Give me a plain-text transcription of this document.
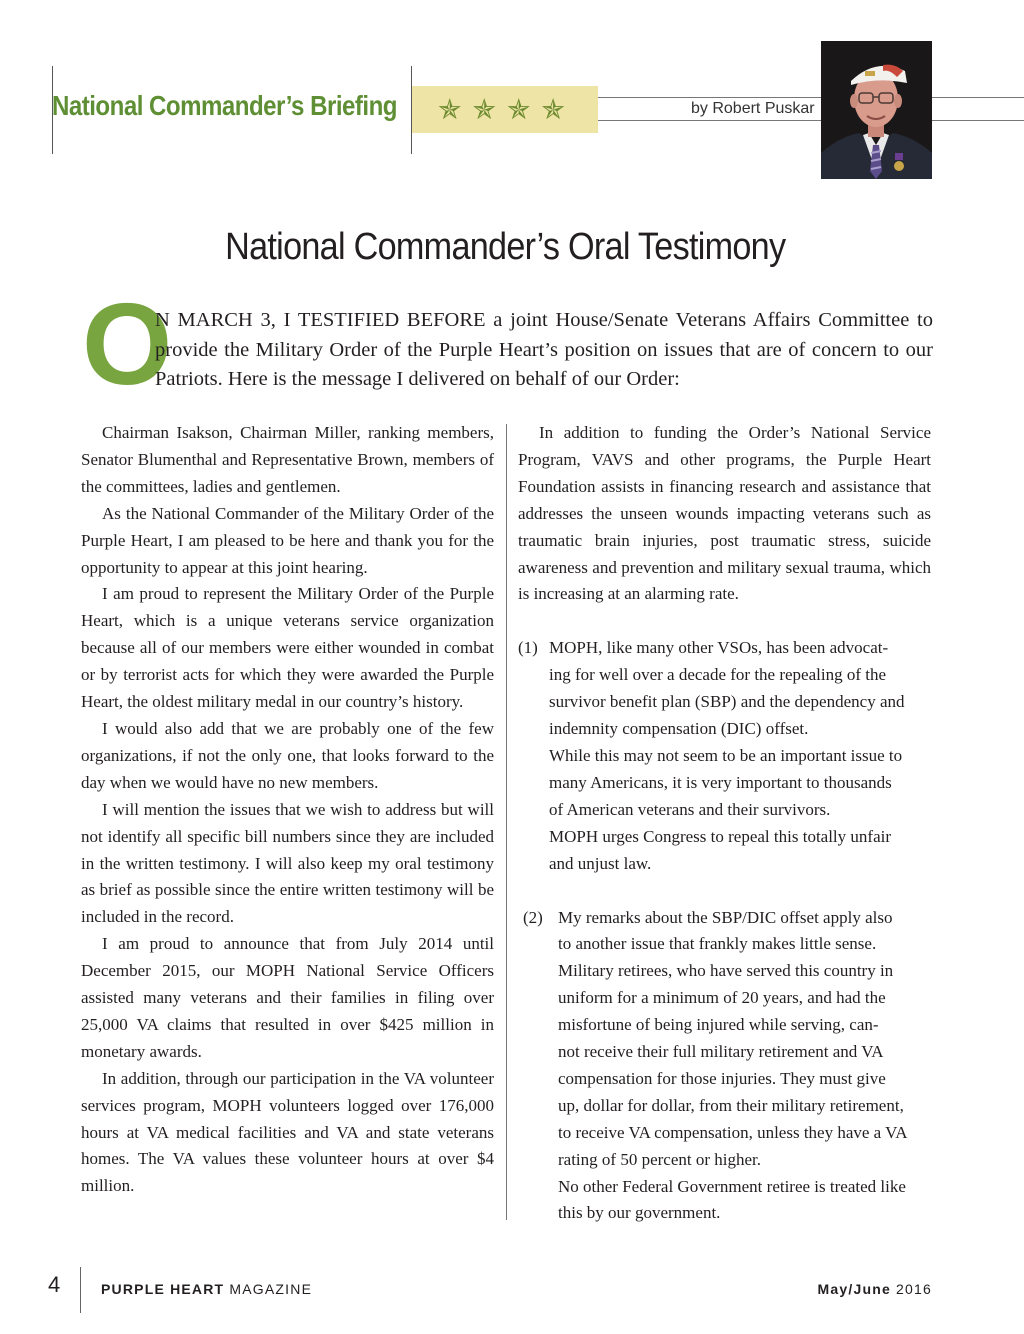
National Commander’s Briefing ✯ ✯ ✯ ✯	by Robert Puskar
National Commander’s Oral Testimony
O
N MARCH 3, I TESTIFIED BEFORE a joint House/Senate Veterans Affairs Committee to provide the Military Order of the Purple Heart’s position on issues that are of concern to our Patriots. Here is the message I delivered on behalf of our Order:

Chairman Isakson, Chairman Miller, ranking members, Senator Blumenthal and Representative Brown, members of the committees, ladies and gentlemen.

As the National Commander of the Military Order of the Purple Heart, I am pleased to be here and thank you for the opportunity to appear at this joint hearing.

I am proud to represent the Military Order of the Purple Heart, which is a unique veterans service organization because all of our members were either wounded in combat or by terrorist acts for which they were awarded the Purple Heart, the oldest military medal in our country’s history.

I would also add that we are probably one of the few organizations, if not the only one, that looks forward to the day when we would have no new members.

I will mention the issues that we wish to address but will not identify all specific bill numbers since they are included in the written testimony. I will also keep my oral testimony as brief as possible since the entire written testimony will be included in the record.

I am proud to announce that from July 2014 until December 2015, our MOPH National Service Officers assisted many veterans and their families in filing over 25,000 VA claims that resulted in over $425 million in monetary awards.

In addition, through our participation in the VA volunteer services program, MOPH volunteers logged over 176,000 hours at VA medical facilities and VA and state veterans homes. The VA values these volunteer hours at over $4 million.

In addition to funding the Order’s National Service Program, VAVS and other programs, the Purple Heart Foundation assists in financing research and assistance that addresses the unseen wounds impacting veterans such as traumatic brain injuries, post traumatic stress, suicide awareness and prevention and military sexual trauma, which is increasing at an alarming rate.

(1) MOPH, like many other VSOs, has been advocat-
ing for well over a decade for the repealing of the
survivor benefit plan (SBP) and the dependency and
indemnity compensation (DIC) offset.
While this may not seem to be an important issue to
many Americans, it is very important to thousands
of American veterans and their survivors.
MOPH urges Congress to repeal this totally unfair
and unjust law.
(2) My remarks about the SBP/DIC offset apply also
to another issue that frankly makes little sense.
Military retirees, who have served this country in
uniform for a minimum of 20 years, and had the
misfortune of being injured while serving, can-
not receive their full military retirement and VA
compensation for those injuries. They must give
up, dollar for dollar, from their military retirement,
to receive VA compensation, unless they have a VA
rating of 50 percent or higher.
No other Federal Government retiree is treated like
this by our government.
4	PURPLE HEART MAGAZINE	May/June 2016
